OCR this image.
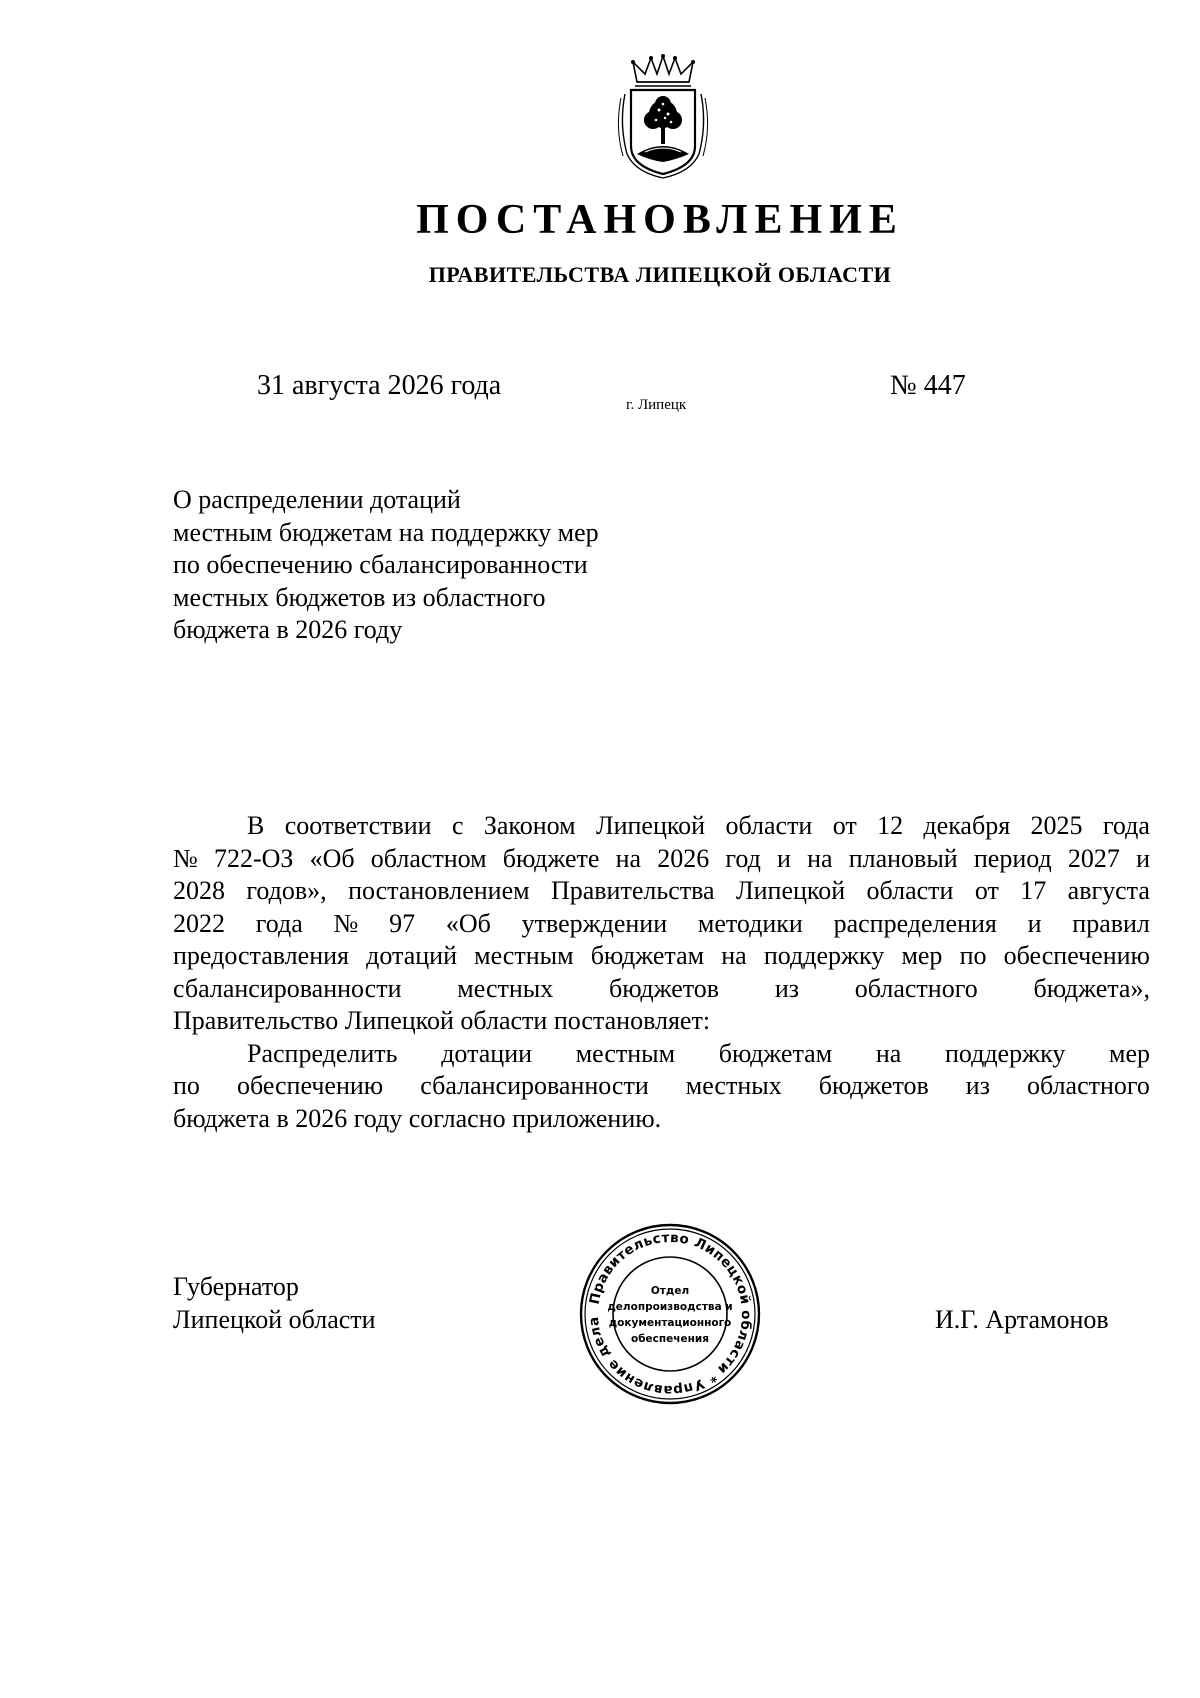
ПОСТАНОВЛЕНИЕ
ПРАВИТЕЛЬСТВА ЛИПЕЦКОЙ ОБЛАСТИ
31 августа 2026 года
г. Липецк
№ 447
О распределении дотаций
местным бюджетам на поддержку мер
по обеспечению сбалансированности
местных бюджетов из областного
бюджета в 2026 году
В соответствии с Законом Липецкой области от 12 декабря 2025 года
№ 722-ОЗ «Об областном бюджете на 2026 год и на плановый период 2027 и
2028 годов», постановлением Правительства Липецкой области от 17 августа
2022 года № 97 «Об утверждении методики распределения и правил
предоставления дотаций местным бюджетам на поддержку мер по обеспечению
сбалансированности местных бюджетов из областного бюджета»,
Правительство Липецкой области постановляет:
Распределить дотации местным бюджетам на поддержку мер
по обеспечению сбалансированности местных бюджетов из областного
бюджета в 2026 году согласно приложению.
Губернатор
Липецкой области	И.Г. Артамонов
Правительство Липецкой области * Управление дела
Отдел
делопроизводства и
документационного
обеспечения
